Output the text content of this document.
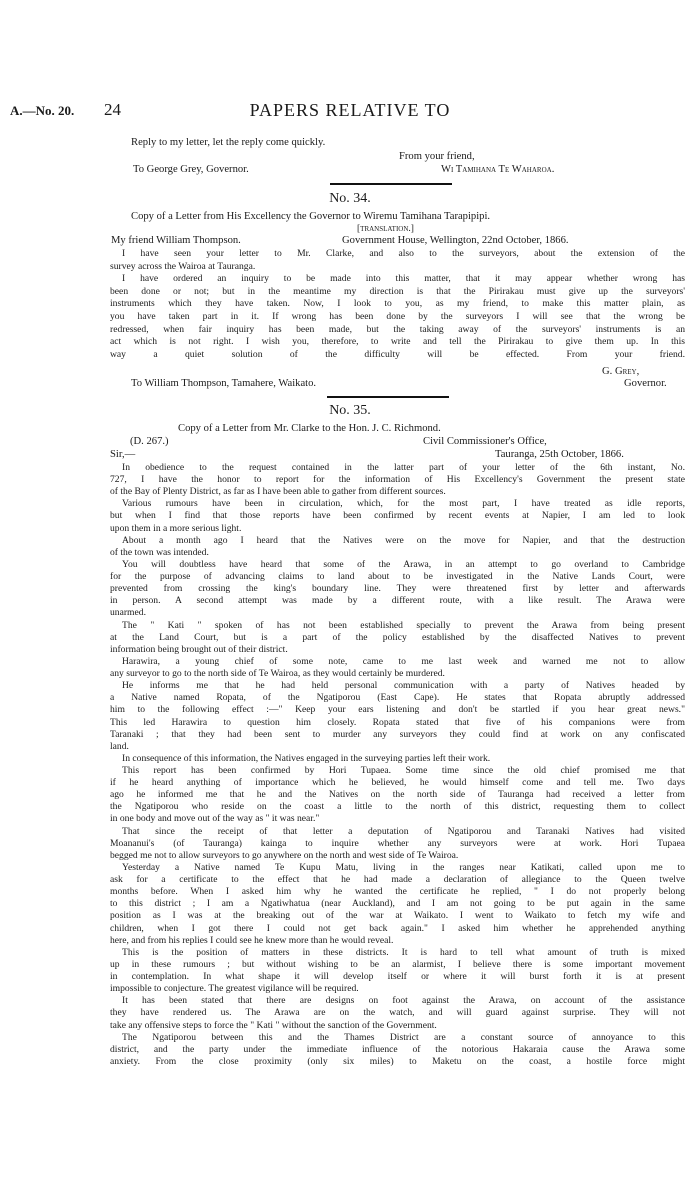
A.—No. 20. 24	PAPERS RELATIVE TO
Reply to my letter, let the reply come quickly.
From your friend,
To George Grey, Governor.	Wi Tamihana Te Waharoa.
No. 34.
Copy of a Letter from His Excellency the Governor to Wiremu Tamihana Tarapipipi.
[translation.]
My friend William Thompson.	Government House, Wellington, 22nd October, 1866.
I have seen your letter to Mr. Clarke, and also to the surveyors, about the extension of the
survey across the Wairoa at Tauranga.
I have ordered an inquiry to be made into this matter, that it may appear whether wrong has
been done or not; but in the meantime my direction is that the Pirirakau must give up the surveyors'
instruments which they have taken. Now, I look to you, as my friend, to make this matter plain, as
you have taken part in it. If wrong has been done by the surveyors I will see that the wrong be
redressed, when fair inquiry has been made, but the taking away of the surveyors' instruments is an
act which is not right. I wish you, therefore, to write and tell the Pirirakau to give them up. In this
way a quiet solution of the difficulty will be effected. From your friend.
G. Grey,
Governor.
To William Thompson, Tamahere, Waikato.
No. 35.
Copy of a Letter from Mr. Clarke to the Hon. J. C. Richmond.
(D. 267.)	Civil Commissioner's Office,
Sir,—	Tauranga, 25th October, 1866.
In obedience to the request contained in the latter part of your letter of the 6th instant, No.
727, I have the honor to report for the information of His Excellency's Government the present state
of the Bay of Plenty District, as far as I have been able to gather from different sources.
Various rumours have been in circulation, which, for the most part, I have treated as idle reports,
but when I find that those reports have been confirmed by recent events at Napier, I am led to look
upon them in a more serious light.
About a month ago I heard that the Natives were on the move for Napier, and that the destruction
of the town was intended.
You will doubtless have heard that some of the Arawa, in an attempt to go overland to Cambridge
for the purpose of advancing claims to land about to be investigated in the Native Lands Court, were
prevented from crossing the king's boundary line. They were threatened first by letter and afterwards
in person. A second attempt was made by a different route, with a like result. The Arawa were
unarmed.
The " Kati " spoken of has not been established specially to prevent the Arawa from being present
at the Land Court, but is a part of the policy established by the disaffected Natives to prevent
information being brought out of their district.
Harawira, a young chief of some note, came to me last week and warned me not to allow
any surveyor to go to the north side of Te Wairoa, as they would certainly be murdered.
He informs me that he had held personal communication with a party of Natives headed by
a Native named Ropata, of the Ngatiporou (East Cape). He states that Ropata abruptly addressed
him to the following effect :—" Keep your ears listening and don't be startled if you hear great news."
This led Harawira to question him closely. Ropata stated that five of his companions were from
Taranaki ; that they had been sent to murder any surveyors they could find at work on any confiscated
land.
In consequence of this information, the Natives engaged in the surveying parties left their work.
This report has been confirmed by Hori Tupaea. Some time since the old chief promised me that
if he heard anything of importance which he believed, he would himself come and tell me. Two days
ago he informed me that he and the Natives on the north side of Tauranga had received a letter from
the Ngatiporou who reside on the coast a little to the north of this district, requesting them to collect
in one body and move out of the way as " it was near."
That since the receipt of that letter a deputation of Ngatiporou and Taranaki Natives had visited
Moananui's (of Tauranga) kainga to inquire whether any surveyors were at work. Hori Tupaea
begged me not to allow surveyors to go anywhere on the north and west side of Te Wairoa.
Yesterday a Native named Te Kupu Matu, living in the ranges near Katikati, called upon me to
ask for a certificate to the effect that he had made a declaration of allegiance to the Queen twelve
months before. When I asked him why he wanted the certificate he replied, " I do not properly belong
to this district ; I am a Ngatiwhatua (near Auckland), and I am not going to be put again in the same
position as I was at the breaking out of the war at Waikato. I went to Waikato to fetch my wife and
children, when I got there I could not get back again." I asked him whether he apprehended anything
here, and from his replies I could see he knew more than he would reveal.
This is the position of matters in these districts. It is hard to tell what amount of truth is mixed
up in these rumours ; but without wishing to be an alarmist, I believe there is some important movement
in contemplation. In what shape it will develop itself or where it will burst forth it is at present
impossible to conjecture. The greatest vigilance will be required.
It has been stated that there are designs on foot against the Arawa, on account of the assistance
they have rendered us. The Arawa are on the watch, and will guard against surprise. They will not
take any offensive steps to force the " Kati " without the sanction of the Government.
The Ngatiporou between this and the Thames District are a constant source of annoyance to this
district, and the party under the immediate influence of the notorious Hakaraia cause the Arawa some
anxiety. From the close proximity (only six miles) to Maketu on the coast, a hostile force might
